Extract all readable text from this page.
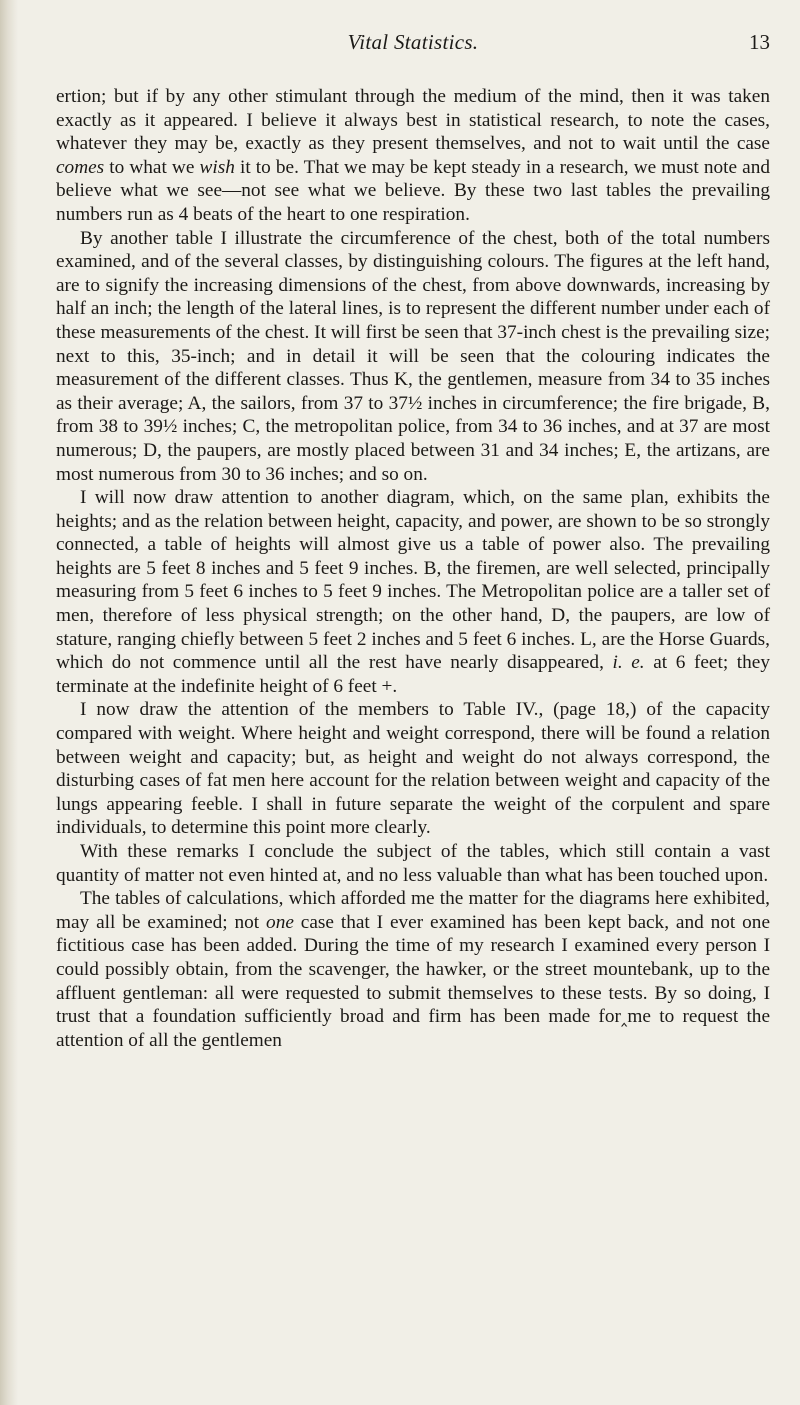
Vital Statistics.	13

ertion; but if by any other stimulant through the medium of the mind, then it was taken exactly as it appeared. I believe it always best in statistical research, to note the cases, whatever they may be, exactly as they present themselves, and not to wait until the case comes to what we wish it to be. That we may be kept steady in a research, we must note and believe what we see—not see what we believe. By these two last tables the prevailing numbers run as 4 beats of the heart to one respiration.

By another table I illustrate the circumference of the chest, both of the total numbers examined, and of the several classes, by distinguishing colours. The figures at the left hand, are to signify the increasing dimensions of the chest, from above downwards, increasing by half an inch; the length of the lateral lines, is to represent the different number under each of these measurements of the chest. It will first be seen that 37-inch chest is the prevailing size; next to this, 35-inch; and in detail it will be seen that the colouring indicates the measurement of the different classes. Thus K, the gentlemen, measure from 34 to 35 inches as their average; A, the sailors, from 37 to 37½ inches in circumference; the fire brigade, B, from 38 to 39½ inches; C, the metropolitan police, from 34 to 36 inches, and at 37 are most numerous; D, the paupers, are mostly placed between 31 and 34 inches; E, the artizans, are most numerous from 30 to 36 inches; and so on.

I will now draw attention to another diagram, which, on the same plan, exhibits the heights; and as the relation between height, capacity, and power, are shown to be so strongly connected, a table of heights will almost give us a table of power also. The prevailing heights are 5 feet 8 inches and 5 feet 9 inches. B, the firemen, are well selected, principally measuring from 5 feet 6 inches to 5 feet 9 inches. The Metropolitan police are a taller set of men, therefore of less physical strength; on the other hand, D, the paupers, are low of stature, ranging chiefly between 5 feet 2 inches and 5 feet 6 inches. L, are the Horse Guards, which do not commence until all the rest have nearly disappeared, i. e. at 6 feet; they terminate at the indefinite height of 6 feet +.

I now draw the attention of the members to Table IV., (page 18,) of the capacity compared with weight. Where height and weight correspond, there will be found a relation between weight and capacity; but, as height and weight do not always correspond, the disturbing cases of fat men here account for the relation between weight and capacity of the lungs appearing feeble. I shall in future separate the weight of the corpulent and spare individuals, to determine this point more clearly.

With these remarks I conclude the subject of the tables, which still contain a vast quantity of matter not even hinted at, and no less valuable than what has been touched upon.

The tables of calculations, which afforded me the matter for the diagrams here exhibited, may all be examined; not one case that I ever examined has been kept back, and not one fictitious case has been added. During the time of my research I examined every person I could possibly obtain, from the scavenger, the hawker, or the street mountebank, up to the affluent gentleman: all were requested to submit themselves to these tests. By so doing, I trust that a foundation sufficiently broad and firm has been made for‸me to request the attention of all the gentlemen
